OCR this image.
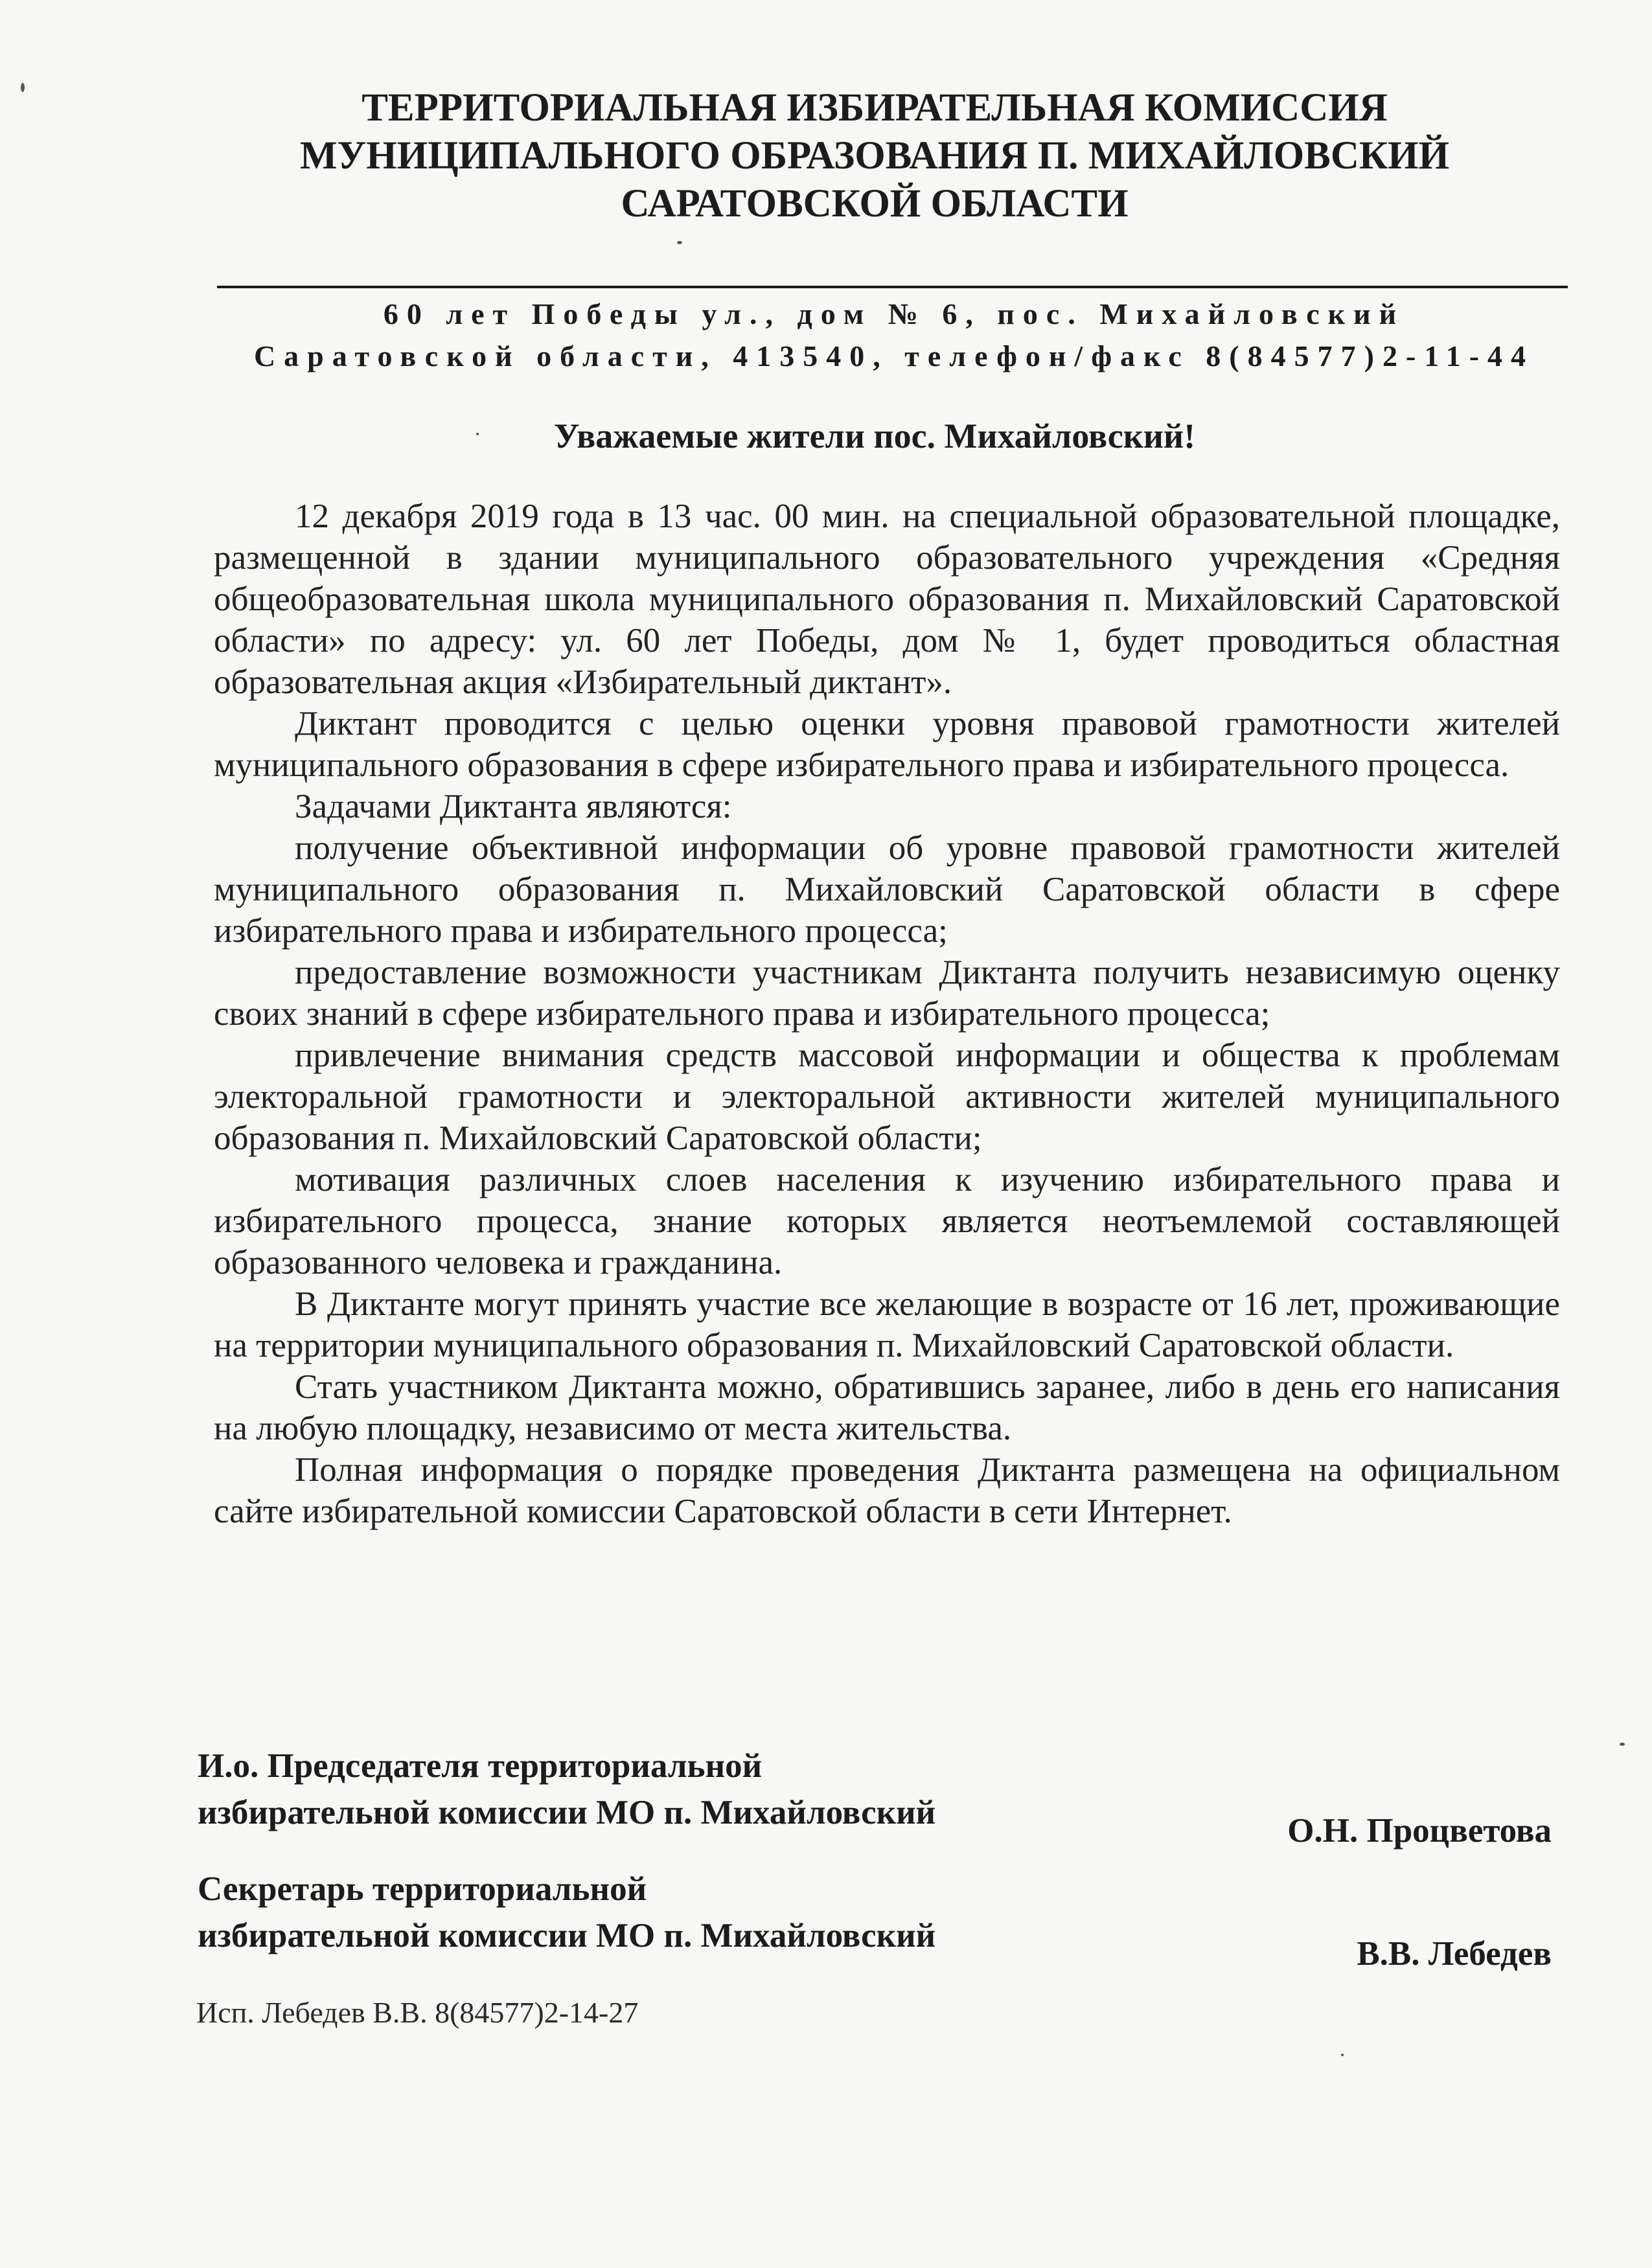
ТЕРРИТОРИАЛЬНАЯ ИЗБИРАТЕЛЬНАЯ КОМИССИЯ
МУНИЦИПАЛЬНОГО ОБРАЗОВАНИЯ П. МИХАЙЛОВСКИЙ
САРАТОВСКОЙ ОБЛАСТИ
60 лет Победы ул., дом № 6, пос. Михайловский
Саратовской области, 413540, телефон/факс 8(84577)2-11-44
Уважаемые жители пос. Михайловский!

12 декабря 2019 года в 13 час. 00 мин. на специальной образовательной площадке, размещенной в здании муниципального образовательного учреждения «Средняя общеобразовательная школа муниципального образования п. Михайловский Саратовской области» по адресу: ул. 60 лет Победы, дом № 1, будет проводиться областная образовательная акция «Избирательный диктант».

Диктант проводится с целью оценки уровня правовой грамотности жителей муниципального образования в сфере избирательного права и избирательного процесса.

Задачами Диктанта являются:

получение объективной информации об уровне правовой грамотности жителей муниципального образования п. Михайловский Саратовской области в сфере избирательного права и избирательного процесса;

предоставление возможности участникам Диктанта получить независимую оценку своих знаний в сфере избирательного права и избирательного процесса;

привлечение внимания средств массовой информации и общества к проблемам электоральной грамотности и электоральной активности жителей муниципального образования п. Михайловский Саратовской области;

мотивация различных слоев населения к изучению избирательного права и избирательного процесса, знание которых является неотъемлемой составляющей образованного человека и гражданина.

В Диктанте могут принять участие все желающие в возрасте от 16 лет, проживающие на территории муниципального образования п. Михайловский Саратовской области.

Стать участником Диктанта можно, обратившись заранее, либо в день его написания на любую площадку, независимо от места жительства.

Полная информация о порядке проведения Диктанта размещена на официальном сайте избирательной комиссии Саратовской области в сети Интернет.

И.о. Председателя территориальной
избирательной комиссии МО п. Михайловский	О.Н. Процветова
Секретарь территориальной
избирательной комиссии МО п. Михайловский	В.В. Лебедев
Исп. Лебедев В.В. 8(84577)2-14-27
